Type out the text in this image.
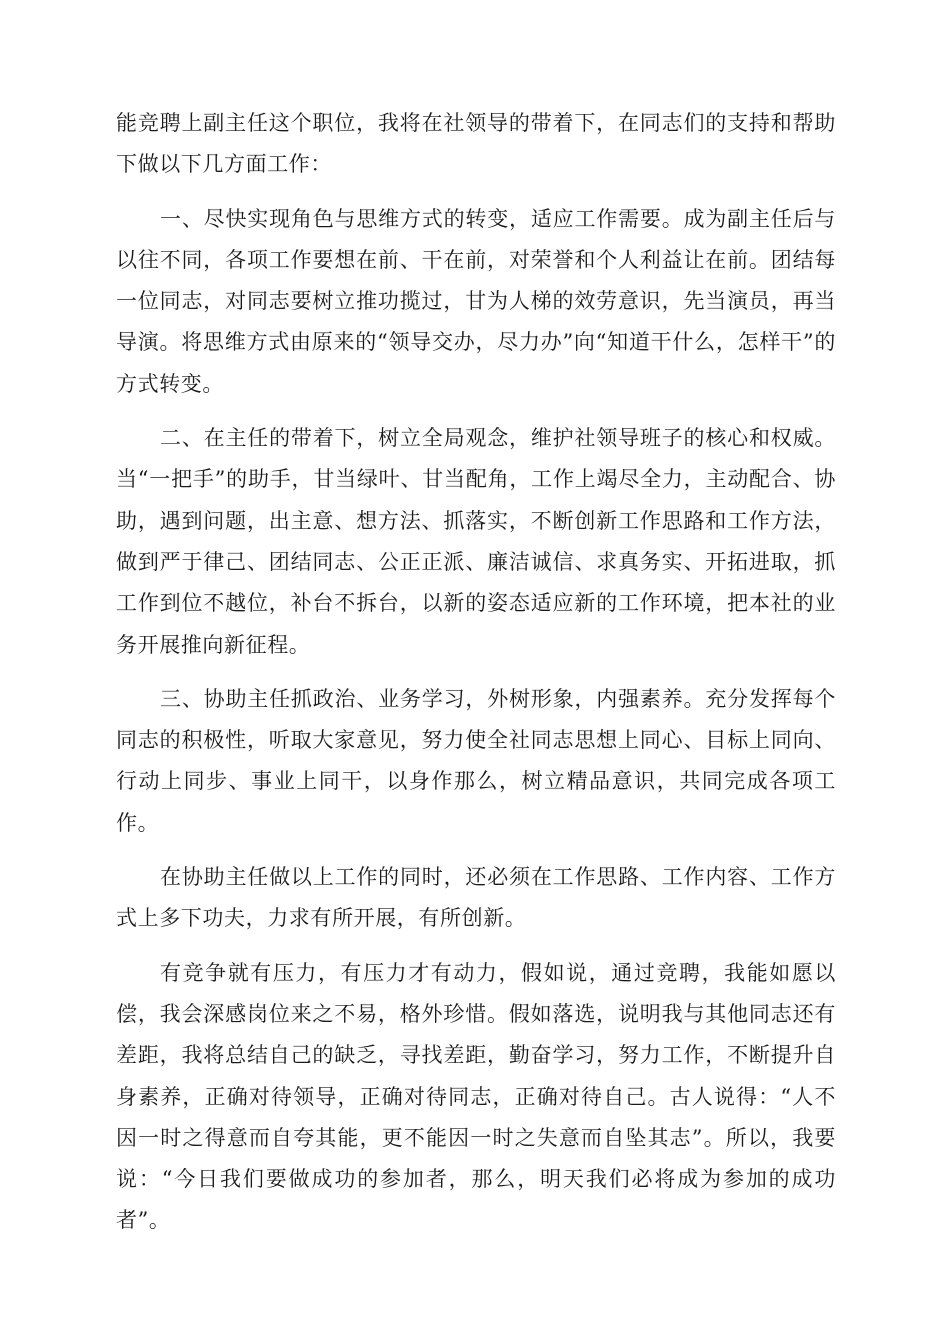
能竞聘上副主任这个职位，我将在社领导的带着下，在同志们的支持和帮助下做以下几方面工作：

一、尽快实现角色与思维方式的转变，适应工作需要。成为副主任后与以往不同，各项工作要想在前、干在前，对荣誉和个人利益让在前。团结每一位同志，对同志要树立推功揽过，甘为人梯的效劳意识，先当演员，再当导演。将思维方式由原来的“领导交办，尽力办”向“知道干什么，怎样干”的方式转变。

二、在主任的带着下，树立全局观念，维护社领导班子的核心和权威。当“一把手”的助手，甘当绿叶、甘当配角，工作上竭尽全力，主动配合、协助，遇到问题，出主意、想方法、抓落实，不断创新工作思路和工作方法，做到严于律己、团结同志、公正正派、廉洁诚信、求真务实、开拓进取，抓工作到位不越位，补台不拆台，以新的姿态适应新的工作环境，把本社的业务开展推向新征程。

三、协助主任抓政治、业务学习，外树形象，内强素养。充分发挥每个同志的积极性，听取大家意见，努力使全社同志思想上同心、目标上同向、行动上同步、事业上同干，以身作那么，树立精品意识，共同完成各项工作。

在协助主任做以上工作的同时，还必须在工作思路、工作内容、工作方式上多下功夫，力求有所开展，有所创新。

有竞争就有压力，有压力才有动力，假如说，通过竞聘，我能如愿以偿，我会深感岗位来之不易，格外珍惜。假如落选，说明我与其他同志还有差距，我将总结自己的缺乏，寻找差距，勤奋学习，努力工作，不断提升自身素养，正确对待领导，正确对待同志，正确对待自己。古人说得：“人不因一时之得意而自夸其能，更不能因一时之失意而自坠其志”。所以，我要说：“今日我们要做成功的参加者，那么，明天我们必将成为参加的成功者”。
